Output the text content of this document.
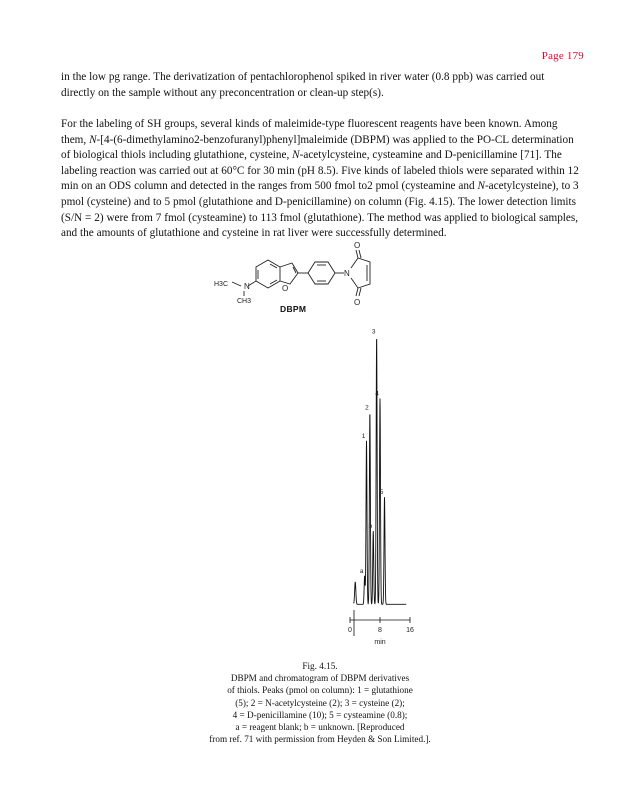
Page 179

in the low pg range. The derivatization of pentachlorophenol spiked in river water (0.8 ppb) was carried out directly on the sample without any preconcentration or clean-up step(s).

For the labeling of SH groups, several kinds of maleimide-type fluorescent reagents have been known. Among them, N-[4-(6-dimethylamino2-benzofuranyl)phenyl]maleimide (DBPM) was applied to the PO-CL determination of biological thiols including glutathione, cysteine, N-acetylcysteine, cysteamine and D-penicillamine [71]. The labeling reaction was carried out at 60°C for 30 min (pH 8.5). Five kinds of labeled thiols were separated within 12 min on an ODS column and detected in the ranges from 500 fmol to2 pmol (cysteamine and N-acetylcysteine), to 3 pmol (cysteine) and to 5 pmol (glutathione and D-penicillamine) on column (Fig. 4.15). The lower detection limits (S/N = 2) were from 7 fmol (cysteamine) to 113 fmol (glutathione). The method was applied to biological samples, and the amounts of glutathione and cysteine in rat liver were successfully determined.

N
H3C
CH3
O
N
O
O
DBPM
0	8	16
min
a
1
2
b
3
4
5
Fig. 4.15.
DBPM and chromatogram of DBPM derivatives
of thiols. Peaks (pmol on column): 1 = glutathione
(5); 2 = N-acetylcysteine (2); 3 = cysteine (2);
4 = D-penicillamine (10); 5 = cysteamine (0.8);
a = reagent blank; b = unknown. [Reproduced
from ref. 71 with permission from Heyden & Son Limited.].
